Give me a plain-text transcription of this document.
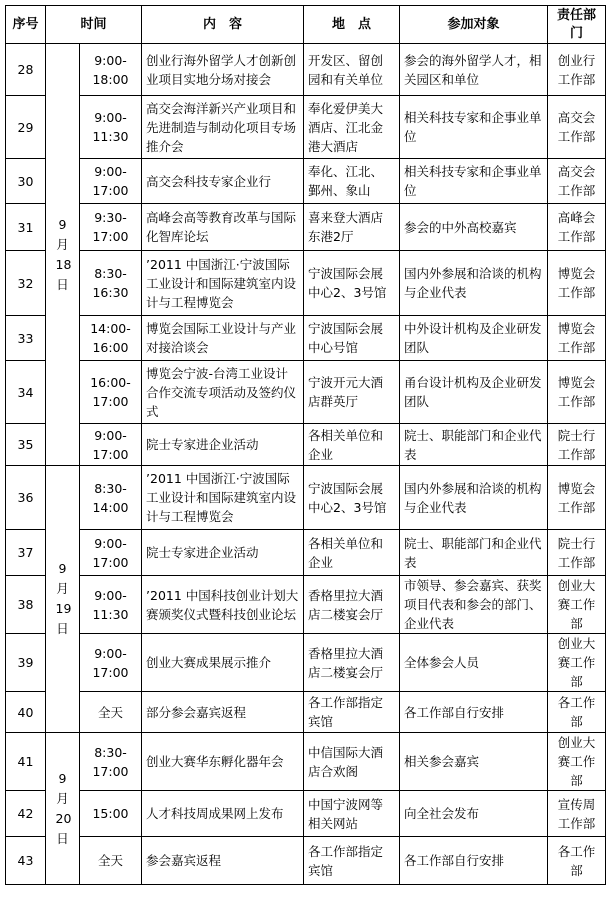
序号	时间		内　容	地　点	参加对象	责任部门
28	9月18日	9:00-18:00	创业行海外留学人才创新创业项目实地分场对接会	开发区、留创园和有关单位	参会的海外留学人才，相关园区和单位	创业行工作部
29		9:00-11:30	高交会海洋新兴产业项目和先进制造与制动化项目专场推介会	奉化爱伊美大酒店、江北金港大酒店	相关科技专家和企事业单位	高交会工作部
30		9:00-17:00	高交会科技专家企业行	奉化、江北、鄞州、象山	相关科技专家和企事业单位	高交会工作部
31		9:30-17:00	高峰会高等教育改革与国际化智库论坛	喜来登大酒店东港2厅	参会的中外高校嘉宾	高峰会工作部
32		8:30-16:30	’2011 中国浙江·宁波国际工业设计和国际建筑室内设计与工程博览会	宁波国际会展中心2、3号馆	国内外参展和洽谈的机构与企业代表	博览会工作部
33		14:00-16:00	博览会国际工业设计与产业对接洽谈会	宁波国际会展中心号馆	中外设计机构及企业研发团队	博览会工作部
34		16:00-17:00	博览会宁波-台湾工业设计合作交流专项活动及签约仪式	宁波开元大酒店群英厅	甬台设计机构及企业研发团队	博览会工作部
35		9:00-17:00	院士专家进企业活动	各相关单位和企业	院士、职能部门和企业代表	院士行工作部
36	9月19日	8:30-14:00	’2011 中国浙江·宁波国际工业设计和国际建筑室内设计与工程博览会	宁波国际会展中心2、3号馆	国内外参展和洽谈的机构与企业代表	博览会工作部
37		9:00-17:00	院士专家进企业活动	各相关单位和企业	院士、职能部门和企业代表	院士行工作部
38		9:00-11:30	’2011 中国科技创业计划大赛颁奖仪式暨科技创业论坛	香格里拉大酒店二楼宴会厅	市领导、参会嘉宾、获奖项目代表和参会的部门、企业代表	创业大赛工作部
39		9:00-17:00	创业大赛成果展示推介	香格里拉大酒店二楼宴会厅	全体参会人员	创业大赛工作部
40		全天	部分参会嘉宾返程	各工作部指定宾馆	各工作部自行安排	各工作部
41	9月20日	8:30-17:00	创业大赛华东孵化器年会	中信国际大酒店合欢阁	相关参会嘉宾	创业大赛工作部
42		15:00	人才科技周成果网上发布	中国宁波网等相关网站	向全社会发布	宣传周工作部
43		全天	参会嘉宾返程	各工作部指定宾馆	各工作部自行安排	各工作部
